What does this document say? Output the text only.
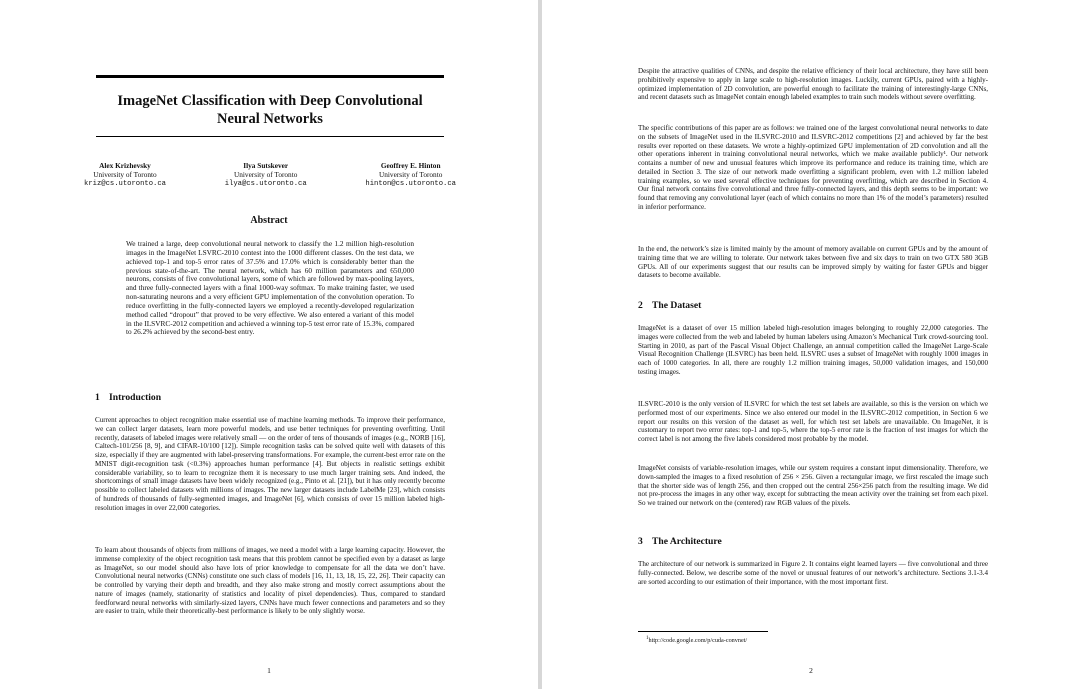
ImageNet Classification with Deep Convolutional Neural Networks
Alex Krizhevsky
University of Toronto
kriz@cs.utoronto.ca
Ilya Sutskever
University of Toronto
ilya@cs.utoronto.ca
Geoffrey E. Hinton
University of Toronto
hinton@cs.utoronto.ca
Abstract
We trained a large, deep convolutional neural network to classify the 1.2 million high-resolution images in the ImageNet LSVRC-2010 contest into the 1000 different classes. On the test data, we achieved top-1 and top-5 error rates of 37.5% and 17.0% which is considerably better than the previous state-of-the-art. The neural network, which has 60 million parameters and 650,000 neurons, consists of five convolutional layers, some of which are followed by max-pooling layers, and three fully-connected layers with a final 1000-way softmax. To make training faster, we used non-saturating neurons and a very efficient GPU implementation of the convolution operation. To reduce overfitting in the fully-connected layers we employed a recently-developed regularization method called “dropout” that proved to be very effective. We also entered a variant of this model in the ILSVRC-2012 competition and achieved a winning top-5 test error rate of 15.3%, compared to 26.2% achieved by the second-best entry.
1 Introduction
Current approaches to object recognition make essential use of machine learning methods. To improve their performance, we can collect larger datasets, learn more powerful models, and use better techniques for preventing overfitting. Until recently, datasets of labeled images were relatively small — on the order of tens of thousands of images (e.g., NORB [16], Caltech-101/256 [8, 9], and CIFAR-10/100 [12]). Simple recognition tasks can be solved quite well with datasets of this size, especially if they are augmented with label-preserving transformations. For example, the current-best error rate on the MNIST digit-recognition task (<0.3%) approaches human performance [4]. But objects in realistic settings exhibit considerable variability, so to learn to recognize them it is necessary to use much larger training sets. And indeed, the shortcomings of small image datasets have been widely recognized (e.g., Pinto et al. [21]), but it has only recently become possible to collect labeled datasets with millions of images. The new larger datasets include LabelMe [23], which consists of hundreds of thousands of fully-segmented images, and ImageNet [6], which consists of over 15 million labeled high-resolution images in over 22,000 categories.
To learn about thousands of objects from millions of images, we need a model with a large learning capacity. However, the immense complexity of the object recognition task means that this problem cannot be specified even by a dataset as large as ImageNet, so our model should also have lots of prior knowledge to compensate for all the data we don’t have. Convolutional neural networks (CNNs) constitute one such class of models [16, 11, 13, 18, 15, 22, 26]. Their capacity can be controlled by varying their depth and breadth, and they also make strong and mostly correct assumptions about the nature of images (namely, stationarity of statistics and locality of pixel dependencies). Thus, compared to standard feedforward neural networks with similarly-sized layers, CNNs have much fewer connections and parameters and so they are easier to train, while their theoretically-best performance is likely to be only slightly worse.
1
Despite the attractive qualities of CNNs, and despite the relative efficiency of their local architecture, they have still been prohibitively expensive to apply in large scale to high-resolution images. Luckily, current GPUs, paired with a highly-optimized implementation of 2D convolution, are powerful enough to facilitate the training of interestingly-large CNNs, and recent datasets such as ImageNet contain enough labeled examples to train such models without severe overfitting.
The specific contributions of this paper are as follows: we trained one of the largest convolutional neural networks to date on the subsets of ImageNet used in the ILSVRC-2010 and ILSVRC-2012 competitions [2] and achieved by far the best results ever reported on these datasets. We wrote a highly-optimized GPU implementation of 2D convolution and all the other operations inherent in training convolutional neural networks, which we make available publicly¹. Our network contains a number of new and unusual features which improve its performance and reduce its training time, which are detailed in Section 3. The size of our network made overfitting a significant problem, even with 1.2 million labeled training examples, so we used several effective techniques for preventing overfitting, which are described in Section 4. Our final network contains five convolutional and three fully-connected layers, and this depth seems to be important: we found that removing any convolutional layer (each of which contains no more than 1% of the model’s parameters) resulted in inferior performance.
In the end, the network’s size is limited mainly by the amount of memory available on current GPUs and by the amount of training time that we are willing to tolerate. Our network takes between five and six days to train on two GTX 580 3GB GPUs. All of our experiments suggest that our results can be improved simply by waiting for faster GPUs and bigger datasets to become available.
2 The Dataset
ImageNet is a dataset of over 15 million labeled high-resolution images belonging to roughly 22,000 categories. The images were collected from the web and labeled by human labelers using Amazon’s Mechanical Turk crowd-sourcing tool. Starting in 2010, as part of the Pascal Visual Object Challenge, an annual competition called the ImageNet Large-Scale Visual Recognition Challenge (ILSVRC) has been held. ILSVRC uses a subset of ImageNet with roughly 1000 images in each of 1000 categories. In all, there are roughly 1.2 million training images, 50,000 validation images, and 150,000 testing images.
ILSVRC-2010 is the only version of ILSVRC for which the test set labels are available, so this is the version on which we performed most of our experiments. Since we also entered our model in the ILSVRC-2012 competition, in Section 6 we report our results on this version of the dataset as well, for which test set labels are unavailable. On ImageNet, it is customary to report two error rates: top-1 and top-5, where the top-5 error rate is the fraction of test images for which the correct label is not among the five labels considered most probable by the model.
ImageNet consists of variable-resolution images, while our system requires a constant input dimensionality. Therefore, we down-sampled the images to a fixed resolution of 256 × 256. Given a rectangular image, we first rescaled the image such that the shorter side was of length 256, and then cropped out the central 256×256 patch from the resulting image. We did not pre-process the images in any other way, except for subtracting the mean activity over the training set from each pixel. So we trained our network on the (centered) raw RGB values of the pixels.
3 The Architecture
The architecture of our network is summarized in Figure 2. It contains eight learned layers — five convolutional and three fully-connected. Below, we describe some of the novel or unusual features of our network’s architecture. Sections 3.1-3.4 are sorted according to our estimation of their importance, with the most important first.
$^1$http://code.google.com/p/cuda-convnet/
2
